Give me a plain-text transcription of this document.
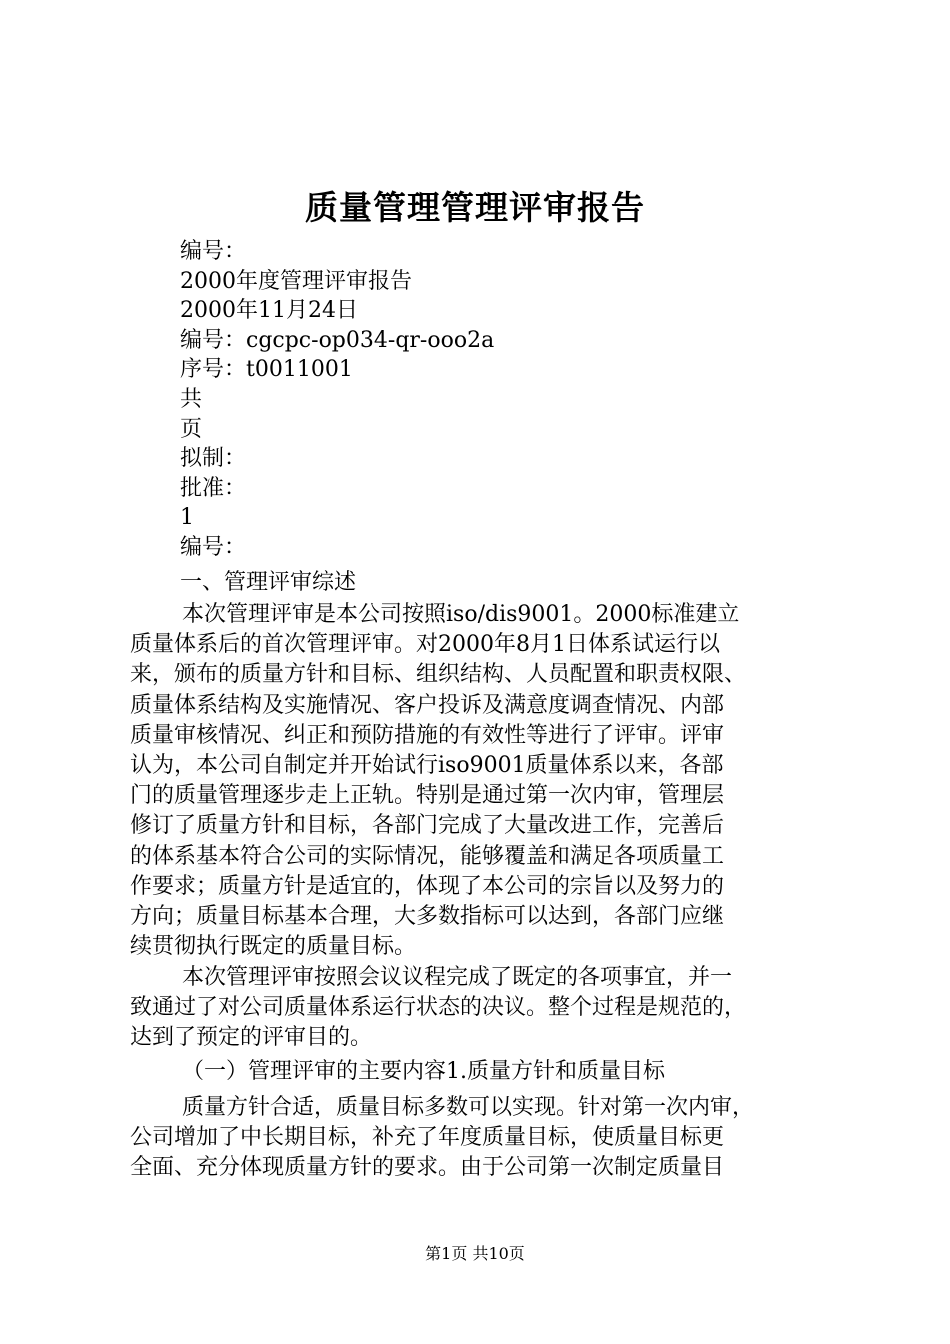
质量管理管理评审报告
编号：
2000年度管理评审报告
2000年11月24日
编号：cgcpc-op034-qr-ooo2a
序号：t0011001
共
页
拟制：
批准：
1
编号：
一、管理评审综述
本次管理评审是本公司按照iso/dis9001。2000标准建立
质量体系后的首次管理评审。对2000年8月1日体系试运行以
来，颁布的质量方针和目标、组织结构、人员配置和职责权限、
质量体系结构及实施情况、客户投诉及满意度调查情况、内部
质量审核情况、纠正和预防措施的有效性等进行了评审。评审
认为，本公司自制定并开始试行iso9001质量体系以来，各部
门的质量管理逐步走上正轨。特别是通过第一次内审，管理层
修订了质量方针和目标，各部门完成了大量改进工作，完善后
的体系基本符合公司的实际情况，能够覆盖和满足各项质量工
作要求；质量方针是适宜的，体现了本公司的宗旨以及努力的
方向；质量目标基本合理，大多数指标可以达到，各部门应继
续贯彻执行既定的质量目标。
本次管理评审按照会议议程完成了既定的各项事宜，并一
致通过了对公司质量体系运行状态的决议。整个过程是规范的，
达到了预定的评审目的。
（一）管理评审的主要内容1.质量方针和质量目标
质量方针合适，质量目标多数可以实现。针对第一次内审，
公司增加了中长期目标，补充了年度质量目标，使质量目标更
全面、充分体现质量方针的要求。由于公司第一次制定质量目
第1页 共10页
